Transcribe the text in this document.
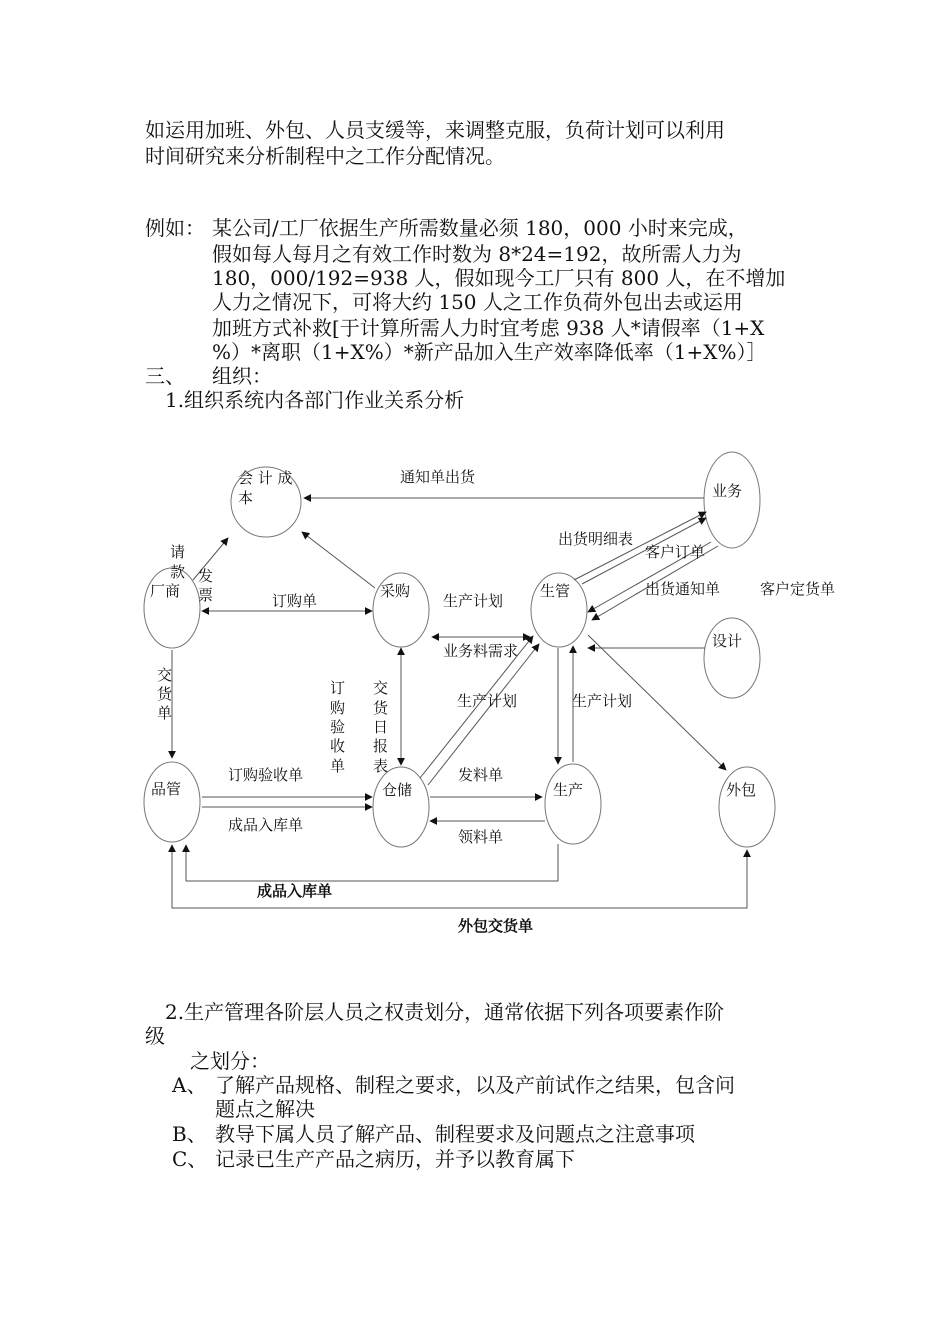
如运用加班、外包、人员支缓等，来调整克服，负荷计划可以利用
时间研究来分析制程中之工作分配情况。
例如： 某公司/工厂依据生产所需数量必须 180，000 小时来完成，
假如每人每月之有效工作时数为 8*24=192，故所需人力为
180，000/192=938 人，假如现今工厂只有 800 人，在不增加
人力之情况下，可将大约 150 人之工作负荷外包出去或运用
加班方式补救[于计算所需人力时宜考虑 938 人*请假率（1+X
%）*离职（1+X%）*新产品加入生产效率降低率（1+X%）］
三、 组织：
1.组织系统内各部门作业关系分析
会 计 成
本	业务
厂商	采购	生管
设计
品管	仓储	生产	外包
通知单出货
请
款 发
票	订购单	生产计划
业务料需求
出货明细表
客户订单
出货通知单	客户定货单
交
货
单
订
购
验
收
单
交
货
日
报
表
生产计划	生产计划
订购验收单
成品入库单
发料单
领料单
成品入库单
外包交货单
2.生产管理各阶层人员之权责划分，通常依据下列各项要素作阶
级
之划分：
A、 了解产品规格、制程之要求，以及产前试作之结果，包含问
题点之解决
B、 教导下属人员了解产品、制程要求及问题点之注意事项
C、 记录已生产产品之病历，并予以教育属下
